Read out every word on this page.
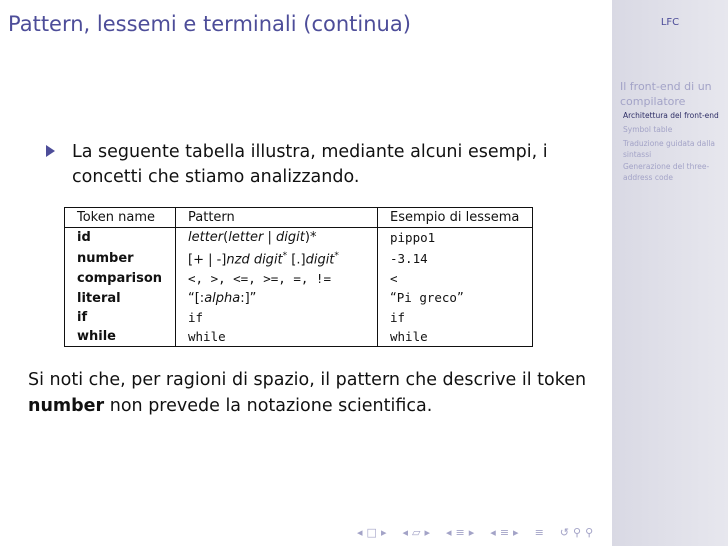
LFC
Il front-end di un compilatore
Architettura del front-end
Symbol table
Traduzione guidata dalla sintassi
Generazione del three-address code
Pattern, lessemi e terminali (continua)
La seguente tabella illustra, mediante alcuni esempi, i concetti che stiamo analizzando.
Token name	Pattern	Esempio di lessema
id	letter(letter | digit)*	pippo1
number	[+ | -]nzd digit* [.]digit*	-3.14
comparison	<, >, <=, >=, =, !=	<
literal	“[:alpha:]”	“Pi greco”
if	if	if
while	while	while
Si noti che, per ragioni di spazio, il pattern che descrive il token number non prevede la notazione scientifica.
◂ □ ▸ ◂ ▱ ▸ ◂ ≡ ▸ ◂ ≡ ▸ ≡ ↺ ⚲ ⚲
